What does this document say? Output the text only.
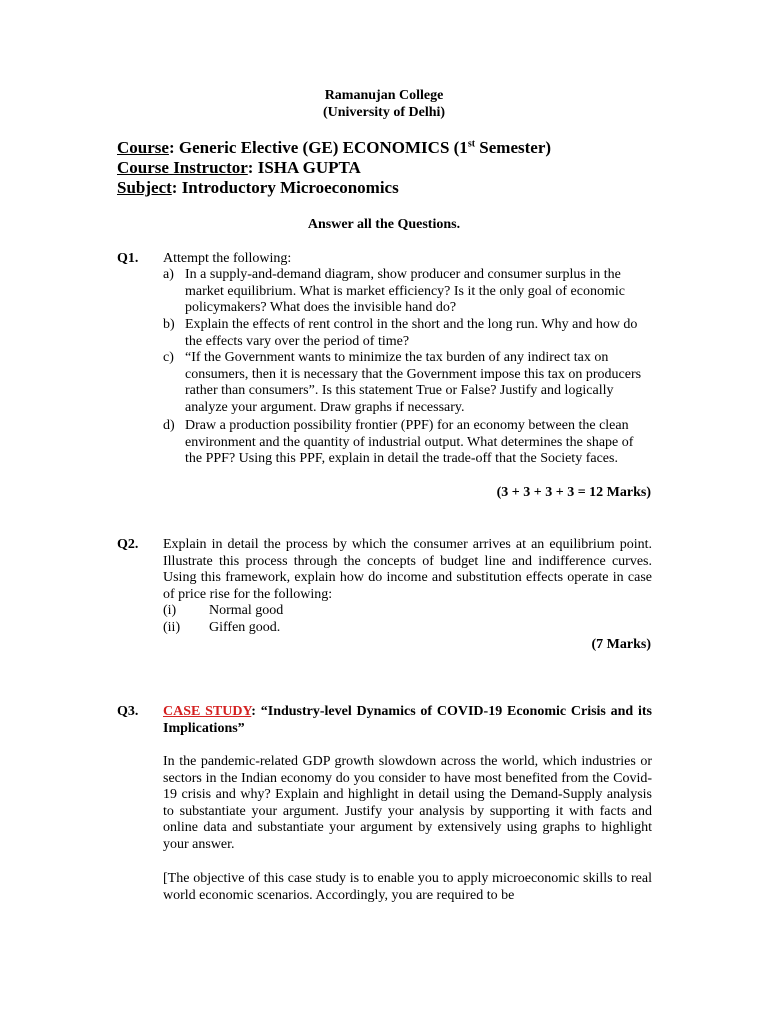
Ramanujan College
(University of Delhi)
Course: Generic Elective (GE) ECONOMICS (1st Semester)
Course Instructor: ISHA GUPTA
Subject: Introductory Microeconomics
Answer all the Questions.
Q1. Attempt the following:
a) In a supply-and-demand diagram, show producer and consumer surplus in the market equilibrium. What is market efficiency? Is it the only goal of economic policymakers? What does the invisible hand do?
b) Explain the effects of rent control in the short and the long run. Why and how do the effects vary over the period of time?
c) “If the Government wants to minimize the tax burden of any indirect tax on consumers, then it is necessary that the Government impose this tax on producers rather than consumers”. Is this statement True or False? Justify and logically analyze your argument. Draw graphs if necessary.
d) Draw a production possibility frontier (PPF) for an economy between the clean environment and the quantity of industrial output. What determines the shape of the PPF? Using this PPF, explain in detail the trade-off that the Society faces.
(3 + 3 + 3 + 3 = 12 Marks)
Q2. Explain in detail the process by which the consumer arrives at an equilibrium point. Illustrate this process through the concepts of budget line and indifference curves. Using this framework, explain how do income and substitution effects operate in case of price rise for the following:
(i) Normal good
(ii) Giffen good.
(7 Marks)
Q3. CASE STUDY: “Industry-level Dynamics of COVID-19 Economic Crisis and its Implications”
In the pandemic-related GDP growth slowdown across the world, which industries or sectors in the Indian economy do you consider to have most benefited from the Covid-19 crisis and why? Explain and highlight in detail using the Demand-Supply analysis to substantiate your argument. Justify your analysis by supporting it with facts and online data and substantiate your argument by extensively using graphs to highlight your answer.
[The objective of this case study is to enable you to apply microeconomic skills to real world economic scenarios. Accordingly, you are required to be
